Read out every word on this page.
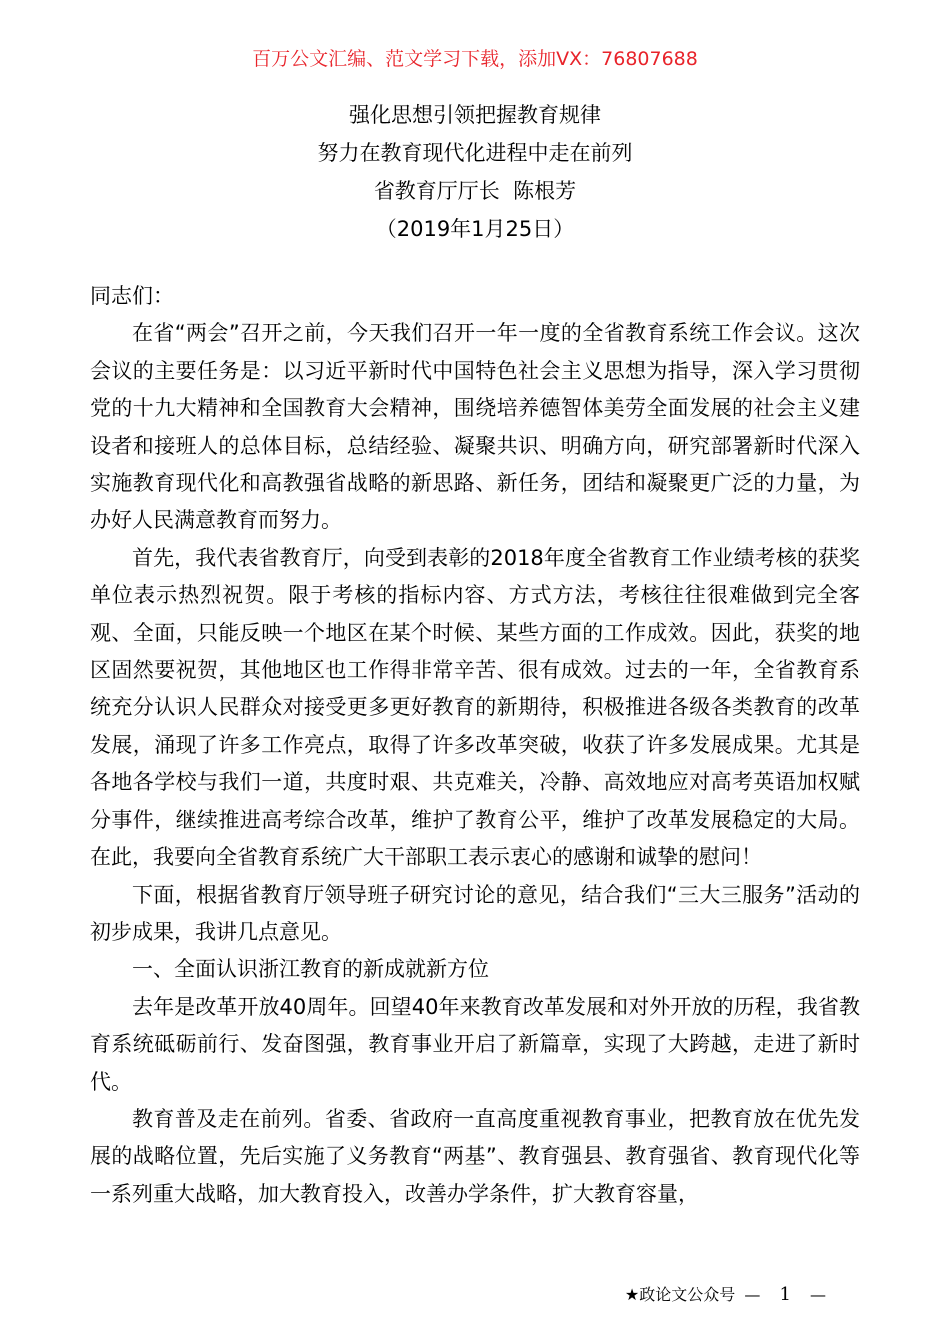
百万公文汇编、范文学习下载，添加VX：76807688
强化思想引领把握教育规律
努力在教育现代化进程中走在前列
省教育厅厅长  陈根芳
（2019年1月25日）

同志们：

在省“两会”召开之前，今天我们召开一年一度的全省教育系统工作会议。这次会议的主要任务是：以习近平新时代中国特色社会主义思想为指导，深入学习贯彻党的十九大精神和全国教育大会精神，围绕培养德智体美劳全面发展的社会主义建设者和接班人的总体目标，总结经验、凝聚共识、明确方向，研究部署新时代深入实施教育现代化和高教强省战略的新思路、新任务，团结和凝聚更广泛的力量，为办好人民满意教育而努力。

首先，我代表省教育厅，向受到表彰的2018年度全省教育工作业绩考核的获奖单位表示热烈祝贺。限于考核的指标内容、方式方法，考核往往很难做到完全客观、全面，只能反映一个地区在某个时候、某些方面的工作成效。因此，获奖的地区固然要祝贺，其他地区也工作得非常辛苦、很有成效。过去的一年，全省教育系统充分认识人民群众对接受更多更好教育的新期待，积极推进各级各类教育的改革发展，涌现了许多工作亮点，取得了许多改革突破，收获了许多发展成果。尤其是各地各学校与我们一道，共度时艰、共克难关，冷静、高效地应对高考英语加权赋分事件，继续推进高考综合改革，维护了教育公平，维护了改革发展稳定的大局。在此，我要向全省教育系统广大干部职工表示衷心的感谢和诚挚的慰问！

下面，根据省教育厅领导班子研究讨论的意见，结合我们“三大三服务”活动的初步成果，我讲几点意见。

一、全面认识浙江教育的新成就新方位

去年是改革开放40周年。回望40年来教育改革发展和对外开放的历程，我省教育系统砥砺前行、发奋图强，教育事业开启了新篇章，实现了大跨越，走进了新时代。

教育普及走在前列。省委、省政府一直高度重视教育事业，把教育放在优先发展的战略位置，先后实施了义务教育“两基”、教育强县、教育强省、教育现代化等一系列重大战略，加大教育投入，改善办学条件，扩大教育容量，

★政论文公众号 — 1 —
